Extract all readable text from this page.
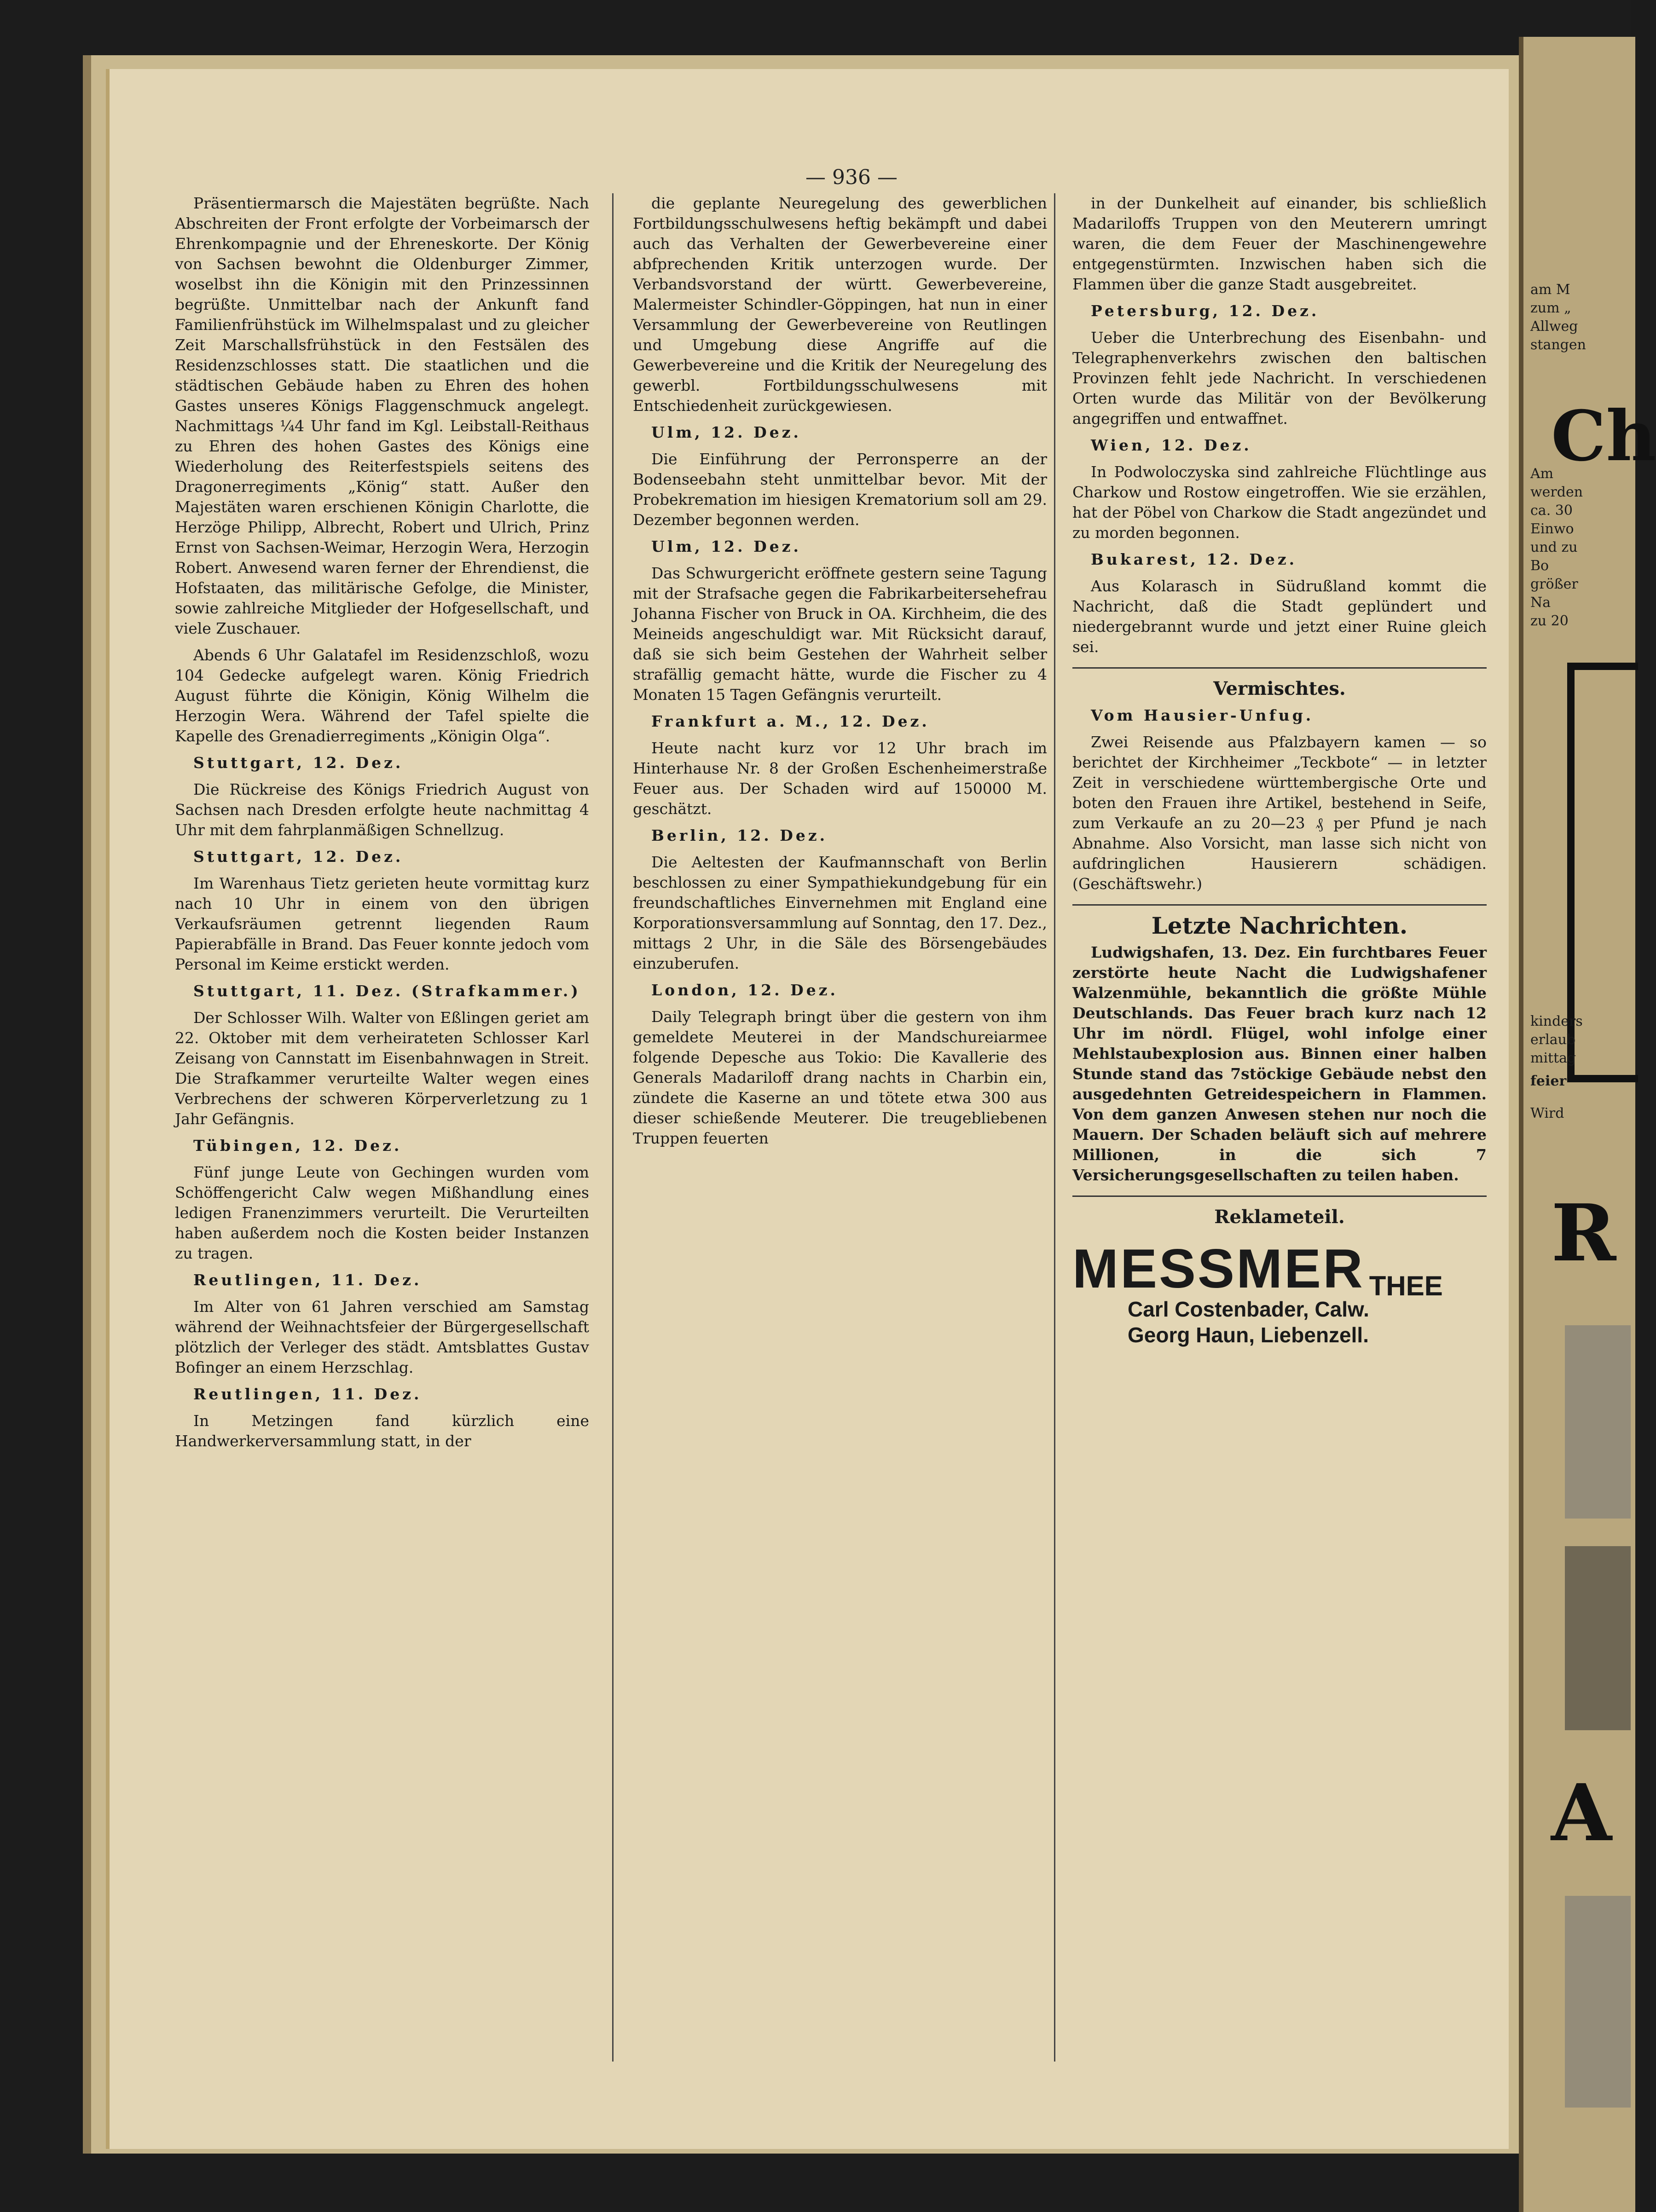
— 936 —
Präsentiermarsch die Majestäten begrüßte. Nach Abschreiten der Front erfolgte der Vorbeimarsch der Ehrenkompagnie und der Ehreneskorte. Der König von Sachsen bewohnt die Oldenburger Zimmer, woselbst ihn die Königin mit den Prinzessinnen begrüßte. Unmittelbar nach der Ankunft fand Familienfrühstück im Wilhelmspalast und zu gleicher Zeit Marschallsfrühstück in den Festsälen des Residenzschlosses statt. Die staatlichen und die städtischen Gebäude haben zu Ehren des hohen Gastes unseres Königs Flaggenschmuck angelegt. Nachmittags ¼4 Uhr fand im Kgl. Leibstall-Reithaus zu Ehren des hohen Gastes des Königs eine Wiederholung des Reiterfestspiels seitens des Dragonerregiments „König“ statt. Außer den Majestäten waren erschienen Königin Charlotte, die Herzöge Philipp, Albrecht, Robert und Ulrich, Prinz Ernst von Sachsen-Weimar, Herzogin Wera, Herzogin Robert. Anwesend waren ferner der Ehrendienst, die Hofstaaten, das militärische Gefolge, die Minister, sowie zahlreiche Mitglieder der Hofgesellschaft, und viele Zuschauer.
Abends 6 Uhr Galatafel im Residenzschloß, wozu 104 Gedecke aufgelegt waren. König Friedrich August führte die Königin, König Wilhelm die Herzogin Wera. Während der Tafel spielte die Kapelle des Grenadierregiments „Königin Olga“.
Stuttgart, 12. Dez.
Die Rückreise des Königs Friedrich August von Sachsen nach Dresden erfolgte heute nachmittag 4 Uhr mit dem fahrplanmäßigen Schnellzug.
Stuttgart, 12. Dez.
Im Warenhaus Tietz gerieten heute vormittag kurz nach 10 Uhr in einem von den übrigen Verkaufsräumen getrennt liegenden Raum Papierabfälle in Brand. Das Feuer konnte jedoch vom Personal im Keime erstickt werden.
Stuttgart, 11. Dez. (Strafkammer.)
Der Schlosser Wilh. Walter von Eßlingen geriet am 22. Oktober mit dem verheirateten Schlosser Karl Zeisang von Cannstatt im Eisenbahnwagen in Streit. Die Strafkammer verurteilte Walter wegen eines Verbrechens der schweren Körperverletzung zu 1 Jahr Gefängnis.
Tübingen, 12. Dez.
Fünf junge Leute von Gechingen wurden vom Schöffengericht Calw wegen Mißhandlung eines ledigen Franenzimmers verurteilt. Die Verurteilten haben außerdem noch die Kosten beider Instanzen zu tragen.
Reutlingen, 11. Dez.
Im Alter von 61 Jahren verschied am Samstag während der Weihnachtsfeier der Bürgergesellschaft plötzlich der Verleger des städt. Amtsblattes Gustav Bofinger an einem Herzschlag.
Reutlingen, 11. Dez.
In Metzingen fand kürzlich eine Handwerkerversammlung statt, in der
die geplante Neuregelung des gewerblichen Fortbildungsschulwesens heftig bekämpft und dabei auch das Verhalten der Gewerbevereine einer abfprechenden Kritik unterzogen wurde. Der Verbandsvorstand der württ. Gewerbevereine, Malermeister Schindler-Göppingen, hat nun in einer Versammlung der Gewerbevereine von Reutlingen und Umgebung diese Angriffe auf die Gewerbevereine und die Kritik der Neuregelung des gewerbl. Fortbildungsschulwesens mit Entschiedenheit zurückgewiesen.
Ulm, 12. Dez.
Die Einführung der Perronsperre an der Bodenseebahn steht unmittelbar bevor. Mit der Probekremation im hiesigen Krematorium soll am 29. Dezember begonnen werden.
Ulm, 12. Dez.
Das Schwurgericht eröffnete gestern seine Tagung mit der Strafsache gegen die Fabrikarbeitersehefrau Johanna Fischer von Bruck in OA. Kirchheim, die des Meineids angeschuldigt war. Mit Rücksicht darauf, daß sie sich beim Gestehen der Wahrheit selber strafällig gemacht hätte, wurde die Fischer zu 4 Monaten 15 Tagen Gefängnis verurteilt.
Frankfurt a. M., 12. Dez.
Heute nacht kurz vor 12 Uhr brach im Hinterhause Nr. 8 der Großen Eschenheimerstraße Feuer aus. Der Schaden wird auf 150000 M. geschätzt.
Berlin, 12. Dez.
Die Aeltesten der Kaufmannschaft von Berlin beschlossen zu einer Sympathiekundgebung für ein freundschaftliches Einvernehmen mit England eine Korporationsversammlung auf Sonntag, den 17. Dez., mittags 2 Uhr, in die Säle des Börsengebäudes einzuberufen.
London, 12. Dez.
Daily Telegraph bringt über die gestern von ihm gemeldete Meuterei in der Mandschureiarmee folgende Depesche aus Tokio: Die Kavallerie des Generals Madariloff drang nachts in Charbin ein, zündete die Kaserne an und tötete etwa 300 aus dieser schießende Meuterer. Die treugebliebenen Truppen feuerten
in der Dunkelheit auf einander, bis schließlich Madariloffs Truppen von den Meuterern umringt waren, die dem Feuer der Maschinengewehre entgegenstürmten. Inzwischen haben sich die Flammen über die ganze Stadt ausgebreitet.
Petersburg, 12. Dez.
Ueber die Unterbrechung des Eisenbahn- und Telegraphenverkehrs zwischen den baltischen Provinzen fehlt jede Nachricht. In verschiedenen Orten wurde das Militär von der Bevölkerung angegriffen und entwaffnet.
Wien, 12. Dez.
In Podwoloczyska sind zahlreiche Flüchtlinge aus Charkow und Rostow eingetroffen. Wie sie erzählen, hat der Pöbel von Charkow die Stadt angezündet und zu morden begonnen.
Bukarest, 12. Dez.
Aus Kolarasch in Südrußland kommt die Nachricht, daß die Stadt geplündert und niedergebrannt wurde und jetzt einer Ruine gleich sei.
Vermischtes.
Vom Hausier-Unfug.
Zwei Reisende aus Pfalzbayern kamen — so berichtet der Kirchheimer „Teckbote“ — in letzter Zeit in verschiedene württembergische Orte und boten den Frauen ihre Artikel, bestehend in Seife, zum Verkaufe an zu 20—23 ₰ per Pfund je nach Abnahme. Also Vorsicht, man lasse sich nicht von aufdringlichen Hausierern schädigen. (Geschäftswehr.)
Letzte Nachrichten.
Ludwigshafen, 13. Dez. Ein furchtbares Feuer zerstörte heute Nacht die Ludwigshafener Walzenmühle, bekanntlich die größte Mühle Deutschlands. Das Feuer brach kurz nach 12 Uhr im nördl. Flügel, wohl infolge einer Mehlstaubexplosion aus. Binnen einer halben Stunde stand das 7stöckige Gebäude nebst den ausgedehnten Getreidespeichern in Flammen. Von dem ganzen Anwesen stehen nur noch die Mauern. Der Schaden beläuft sich auf mehrere Millionen, in die sich 7 Versicherungsgesellschaften zu teilen haben.
Reklameteil.
MESSMER THEE
Carl Costenbader, Calw.
Georg Haun, Liebenzell.
am M
zum „
Allweg
stangen
Ch
Am
werden
ca. 30
Einwo
und zu
Bo
größer
Na
zu 20
kinders
erlaub
mittag
feier
Wird
R
A
